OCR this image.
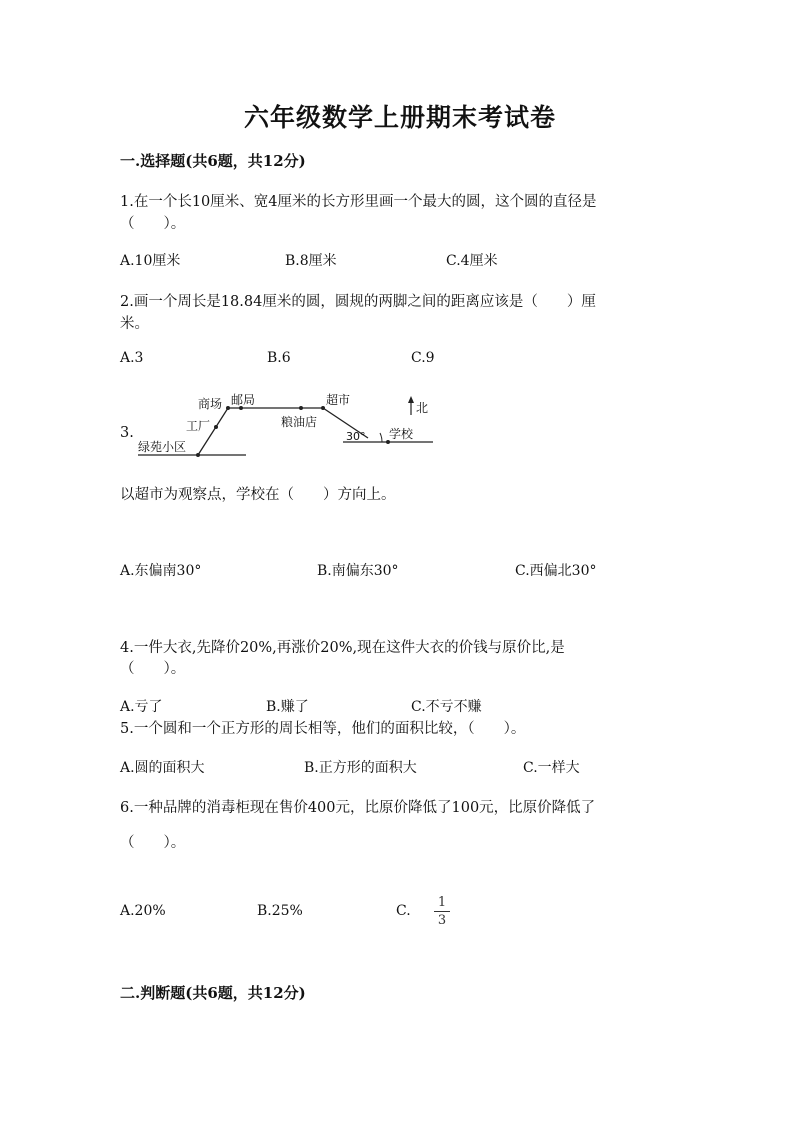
六年级数学上册期末考试卷
一.选择题(共6题，共12分)
1.在一个长10厘米、宽4厘米的长方形里画一个最大的圆，这个圆的直径是
（　　）。
A.10厘米	B.8厘米	C.4厘米
2.画一个周长是18.84厘米的圆，圆规的两脚之间的距离应该是（　　）厘
米。
A.3	B.6	C.9
3.
商场 邮局	超市
工厂	粮油店
绿苑小区
学校
30°
北
以超市为观察点，学校在（　　）方向上。
A.东偏南30°	B.南偏东30°	C.西偏北30°
4.一件大衣,先降价20%,再涨价20%,现在这件大衣的价钱与原价比,是
（　　）。
A.亏了	B.赚了	C.不亏不赚
5.一个圆和一个正方形的周长相等，他们的面积比较，（　　）。
A.圆的面积大	B.正方形的面积大	C.一样大
6.一种品牌的消毒柜现在售价400元，比原价降低了100元，比原价降低了
（　　）。
A.20%	B.25%	C.
1
3
二.判断题(共6题，共12分)
